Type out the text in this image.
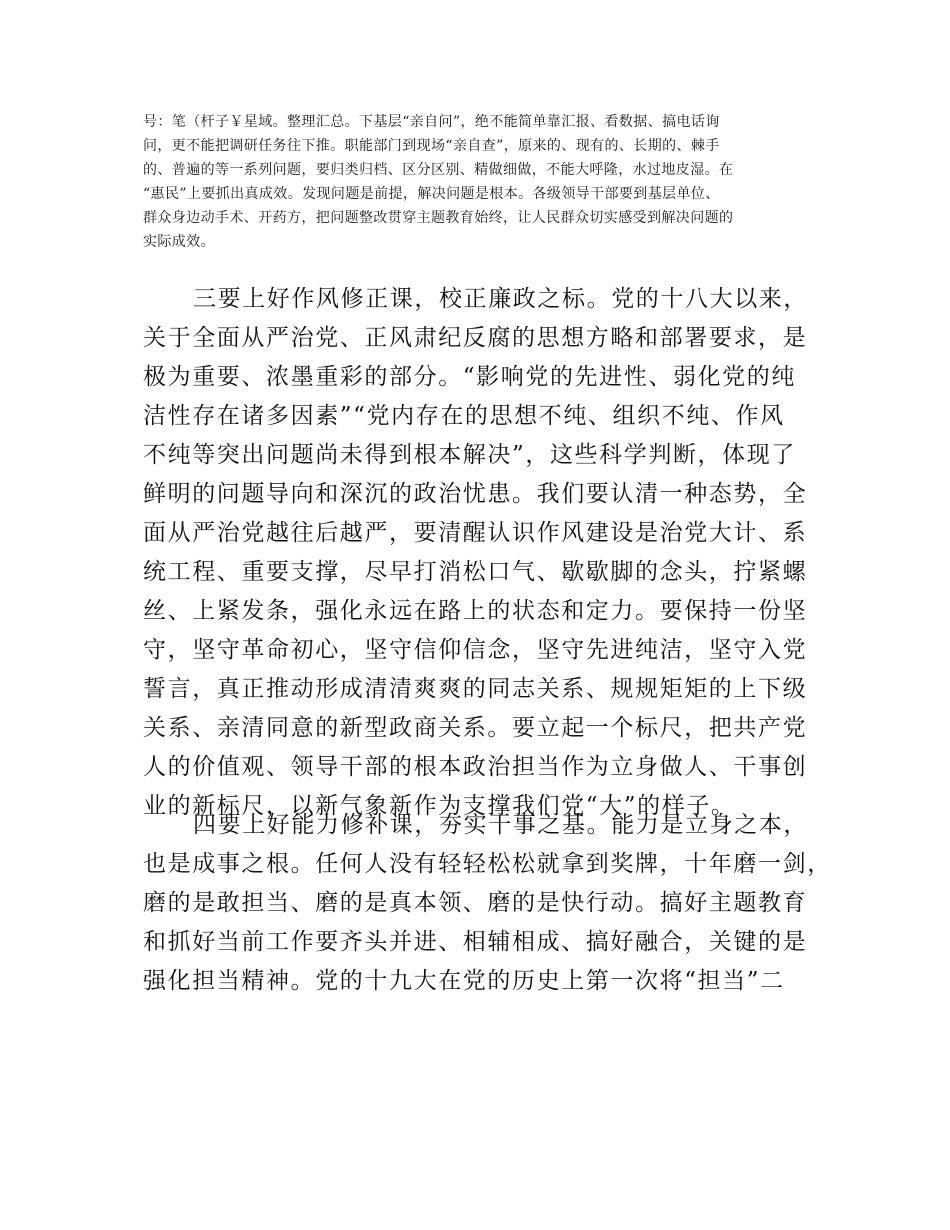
号：笔（杆子￥星域。整理汇总。下基层“亲自问”，绝不能简单靠汇报、看数据、搞电话询
问，更不能把调研任务往下推。职能部门到现场“亲自查”，原来的、现有的、长期的、棘手
的、普遍的等一系列问题，要归类归档、区分区别、精做细做，不能大呼隆，水过地皮湿。在
“惠民”上要抓出真成效。发现问题是前提，解决问题是根本。各级领导干部要到基层单位、
群众身边动手术、开药方，把问题整改贯穿主题教育始终，让人民群众切实感受到解决问题的
实际成效。
三要上好作风修正课，校正廉政之标。党的十八大以来，
关于全面从严治党、正风肃纪反腐的思想方略和部署要求，是
极为重要、浓墨重彩的部分。“影响党的先进性、弱化党的纯
洁性存在诸多因素”“党内存在的思想不纯、组织不纯、作风
不纯等突出问题尚未得到根本解决”，这些科学判断，体现了
鲜明的问题导向和深沉的政治忧患。我们要认清一种态势，全
面从严治党越往后越严，要清醒认识作风建设是治党大计、系
统工程、重要支撑，尽早打消松口气、歇歇脚的念头，拧紧螺
丝、上紧发条，强化永远在路上的状态和定力。要保持一份坚
守，坚守革命初心，坚守信仰信念，坚守先进纯洁，坚守入党
誓言，真正推动形成清清爽爽的同志关系、规规矩矩的上下级
关系、亲清同意的新型政商关系。要立起一个标尺，把共产党
人的价值观、领导干部的根本政治担当作为立身做人、干事创
业的新标尺，以新气象新作为支撑我们党“大”的样子。
四要上好能力修补课，夯实干事之基。能力是立身之本，
也是成事之根。任何人没有轻轻松松就拿到奖牌，十年磨一剑，
磨的是敢担当、磨的是真本领、磨的是快行动。搞好主题教育
和抓好当前工作要齐头并进、相辅相成、搞好融合，关键的是
强化担当精神。党的十九大在党的历史上第一次将“担当”二
